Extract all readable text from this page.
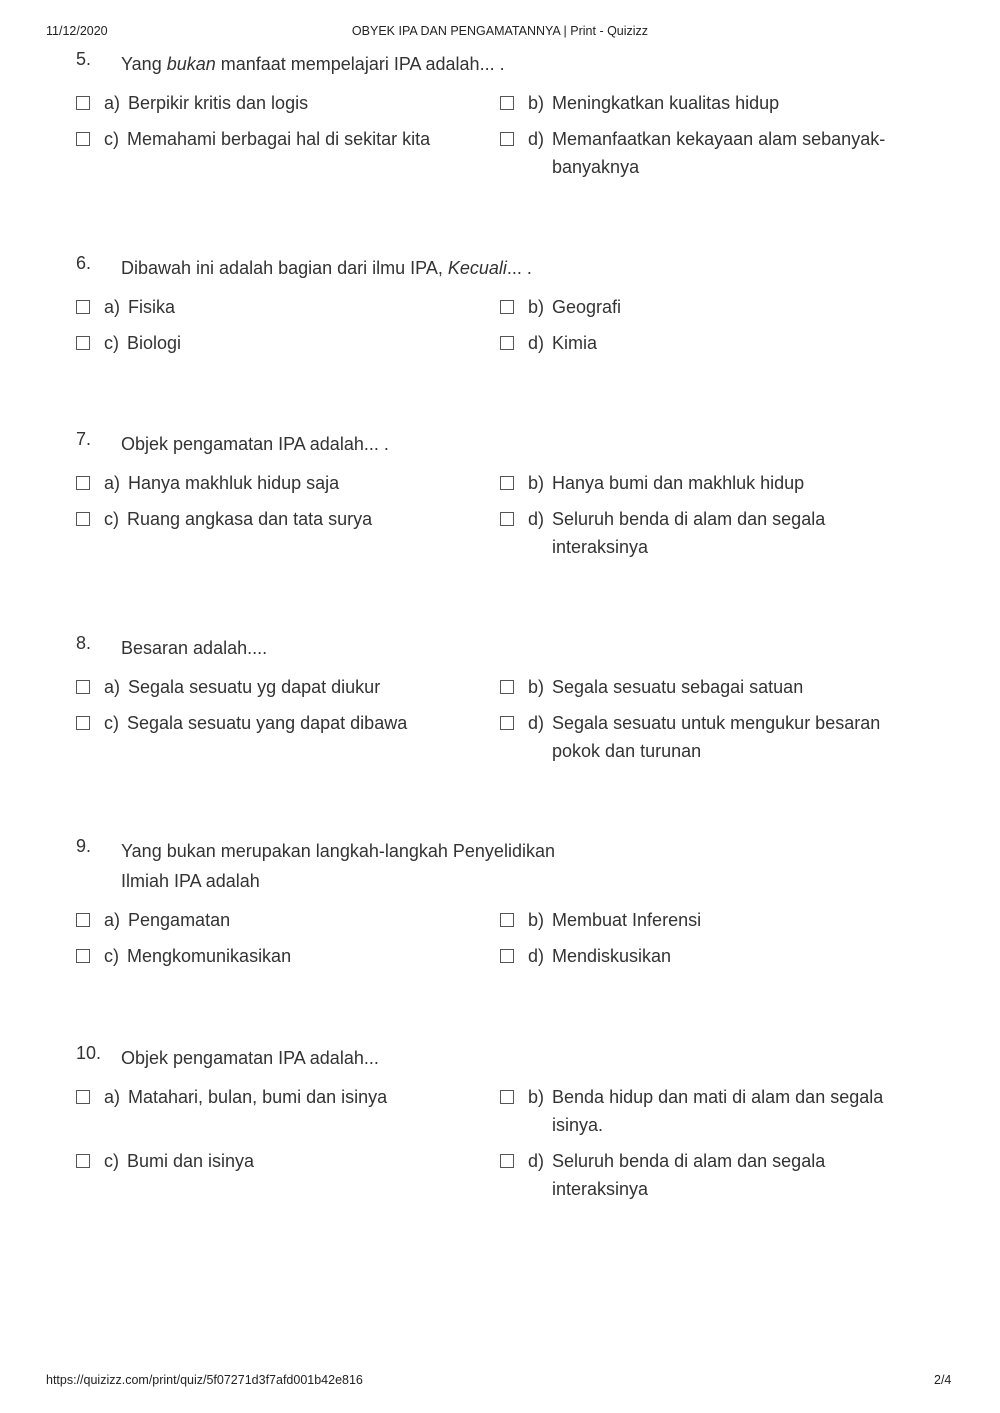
11/12/2020	OBYEK IPA DAN PENGAMATANNYA | Print - Quizizz
5. Yang bukan manfaat mempelajari IPA adalah... .
a) Berpikir kritis dan logis	b) Meningkatkan kualitas hidup
c) Memahami berbagai hal di sekitar kita	d) Memanfaatkan kekayaan alam sebanyak-banyaknya
6. Dibawah ini adalah bagian dari ilmu IPA, Kecuali... .
a) Fisika	b) Geografi
c) Biologi	d) Kimia
7. Objek pengamatan IPA adalah... .
a) Hanya makhluk hidup saja	b) Hanya bumi dan makhluk hidup
c) Ruang angkasa dan tata surya	d) Seluruh benda di alam dan segala interaksinya
8. Besaran adalah....
a) Segala sesuatu yg dapat diukur	b) Segala sesuatu sebagai satuan
c) Segala sesuatu yang dapat dibawa	d) Segala sesuatu untuk mengukur besaran pokok dan turunan
9. Yang bukan merupakan langkah-langkah Penyelidikan Ilmiah IPA adalah
a) Pengamatan	b) Membuat Inferensi
c) Mengkomunikasikan	d) Mendiskusikan
10. Objek pengamatan IPA adalah...
a) Matahari, bulan, bumi dan isinya	b) Benda hidup dan mati di alam dan segala isinya.
c) Bumi dan isinya	d) Seluruh benda di alam dan segala interaksinya
https://quizizz.com/print/quiz/5f07271d3f7afd001b42e816	2/4
